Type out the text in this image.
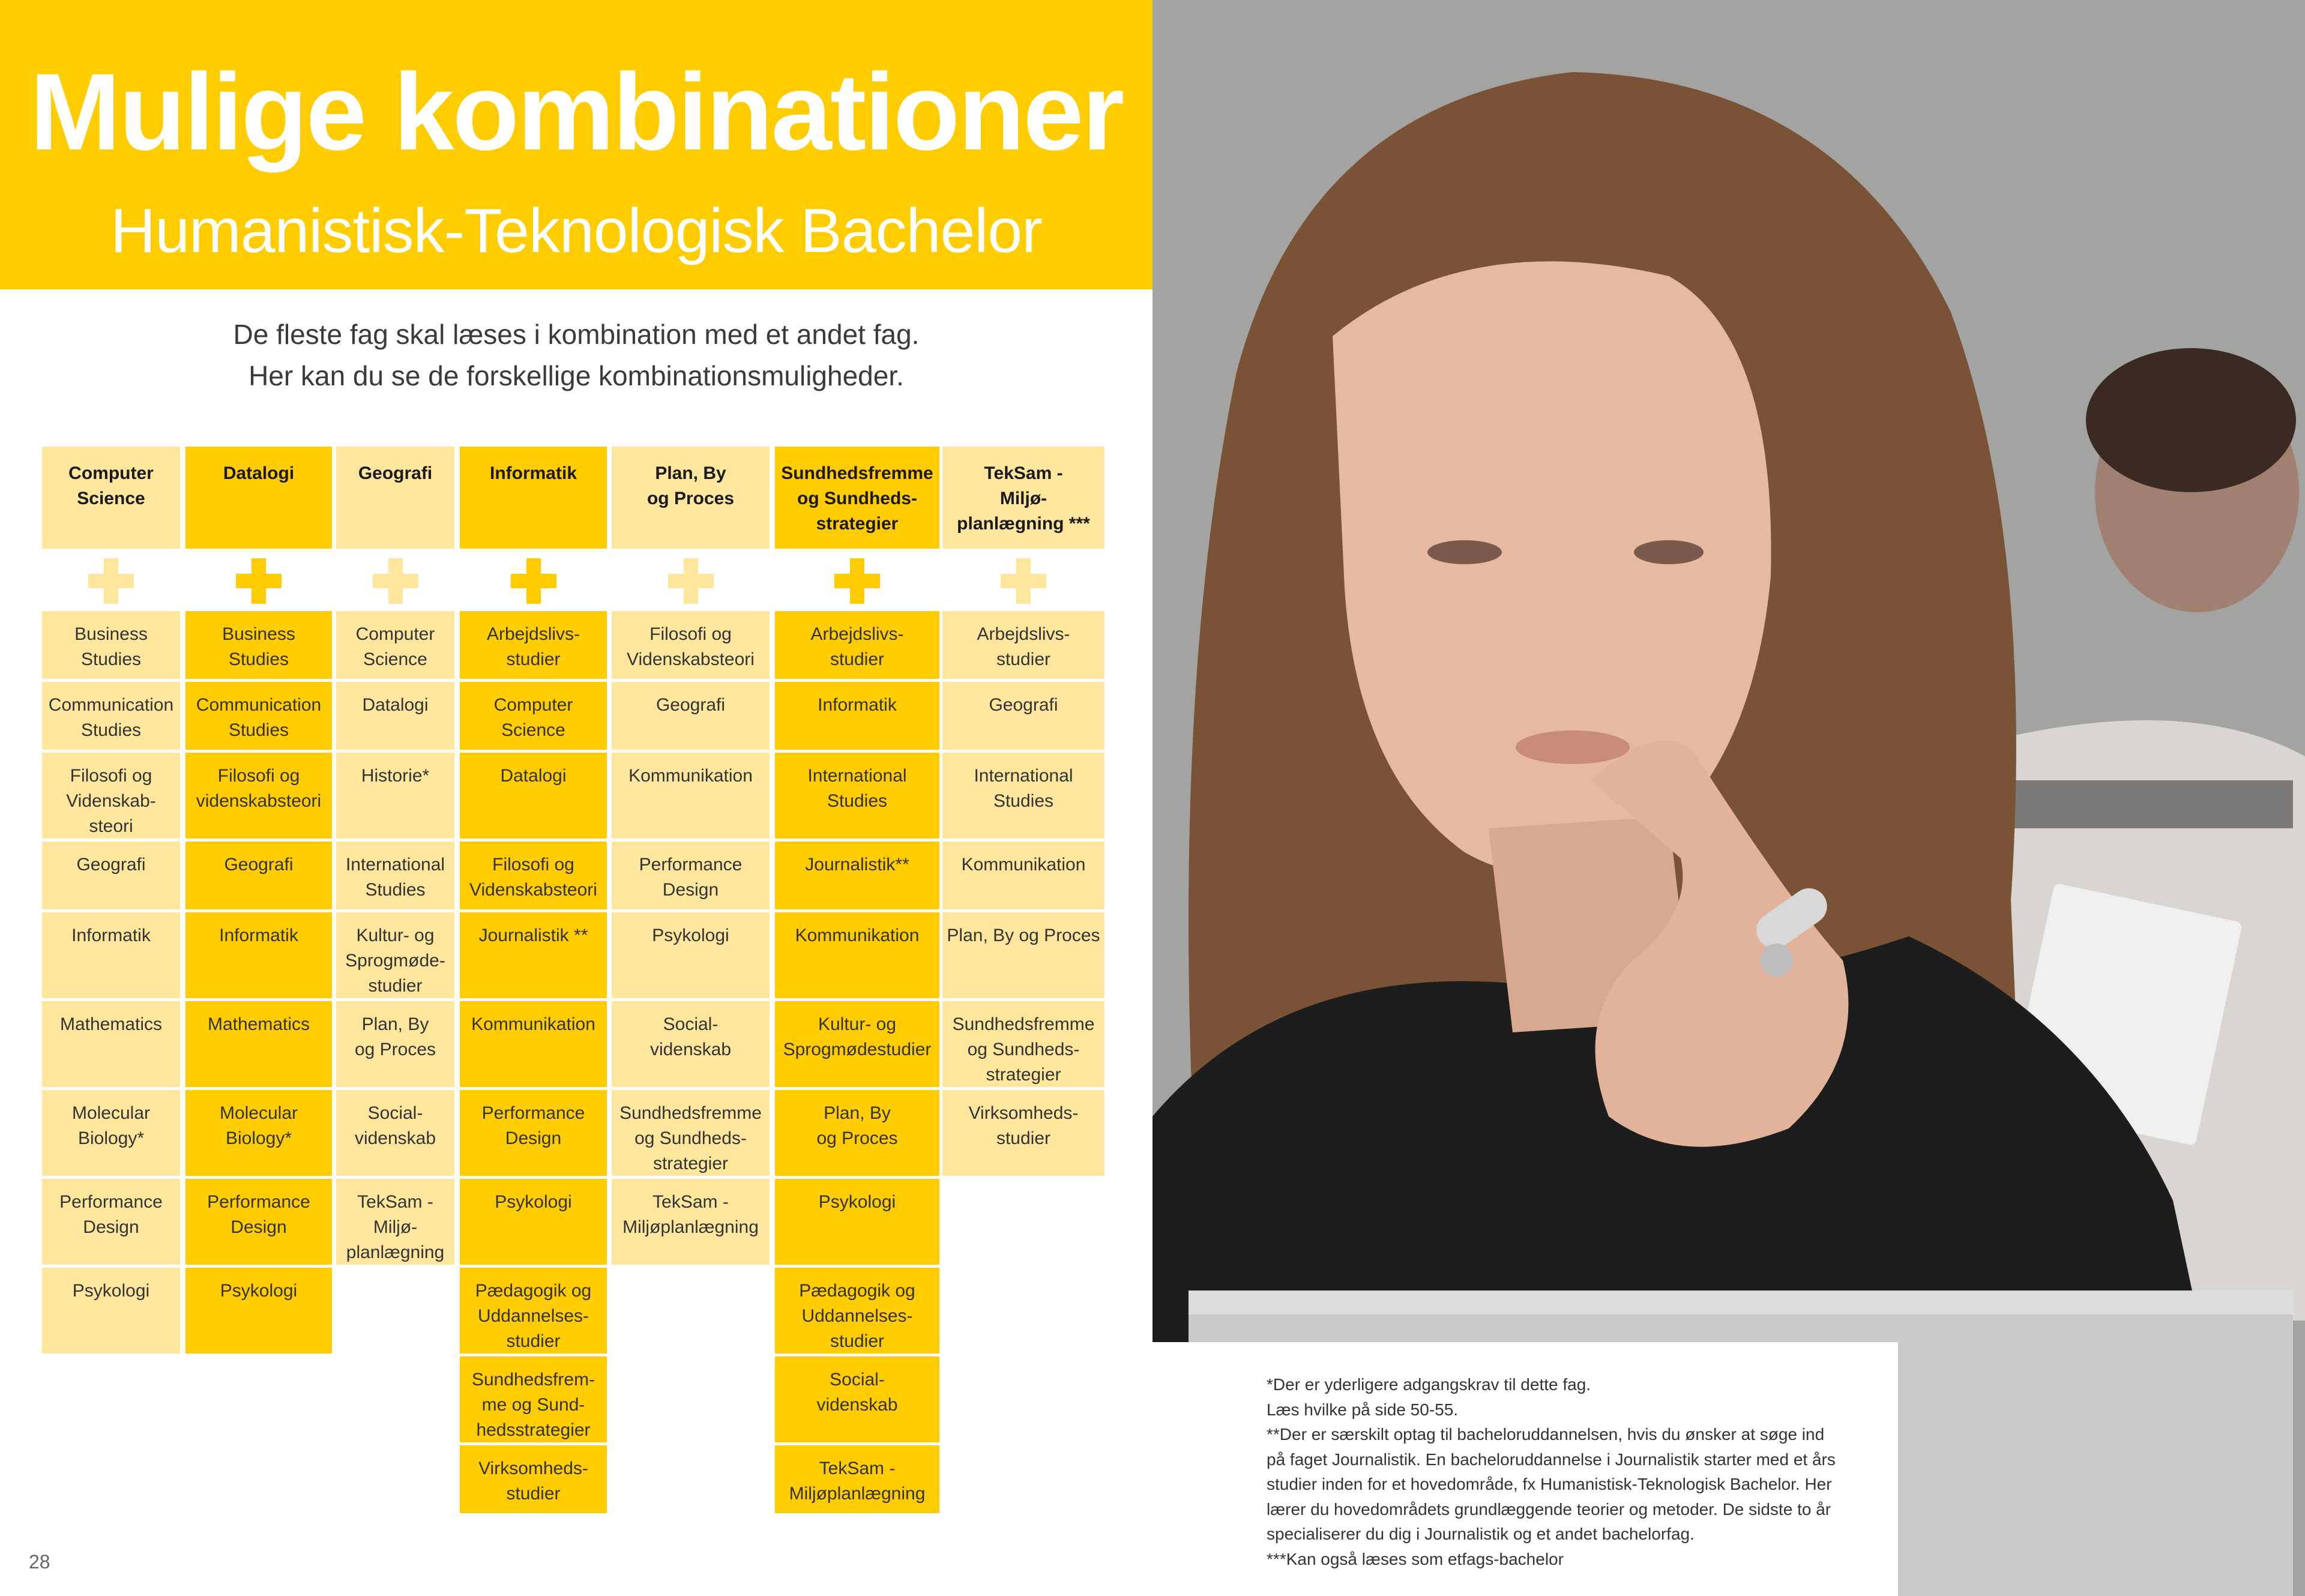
Mulige kombinationer
Humanistisk-Teknologisk Bachelor
De fleste fag skal læses i kombination med et andet fag.
Her kan du se de forskellige kombinationsmuligheder.
Computer
Science
Business
Studies
Communication
Studies
Filosofi og
Videnskab-
steori
Geografi
Informatik
Mathematics
Molecular
Biology*
Performance
Design
Psykologi
Datalogi
Business
Studies
Communication
Studies
Filosofi og
videnskabsteori
Geografi
Informatik
Mathematics
Molecular
Biology*
Performance
Design
Psykologi
Geografi
Computer
Science
Datalogi
Historie*
International
Studies
Kultur- og
Sprogmøde-
studier
Plan, By
og Proces
Social-
videnskab
TekSam -
Miljø-
planlægning
Informatik
Arbejdslivs-
studier
Computer
Science
Datalogi
Filosofi og
Videnskabsteori
Journalistik **
Kommunikation
Performance
Design
Psykologi
Pædagogik og
Uddannelses-
studier
Sundhedsfrem-
me og Sund-
hedsstrategier
Virksomheds-
studier
Plan, By
og Proces
Filosofi og
Videnskabsteori
Geografi
Kommunikation
Performance
Design
Psykologi
Social-
videnskab
Sundhedsfremme
og Sundheds-
strategier
TekSam -
Miljøplanlægning
Sundhedsfremme
og Sundheds-
strategier
Arbejdslivs-
studier
Informatik
International
Studies
Journalistik**
Kommunikation
Kultur- og
Sprogmødestudier
Plan, By
og Proces
Psykologi
Pædagogik og
Uddannelses-
studier
Social-
videnskab
TekSam -
Miljøplanlægning
TekSam -
Miljø-
planlægning ***
Arbejdslivs-
studier
Geografi
International
Studies
Kommunikation
Plan, By og Proces
Sundhedsfremme
og Sundheds-
strategier
Virksomheds-
studier
*Der er yderligere adgangskrav til dette fag.
Læs hvilke på side 50-55.
**Der er særskilt optag til bacheloruddannelsen, hvis du ønsker at søge ind
på faget Journalistik. En bacheloruddannelse i Journalistik starter med et års
studier inden for et hovedområde, fx Humanistisk-Teknologisk Bachelor. Her
lærer du hovedområdets grundlæggende teorier og metoder. De sidste to år
specialiserer du dig i Journalistik og et andet bachelorfag.
***Kan også læses som etfags-bachelor
28
